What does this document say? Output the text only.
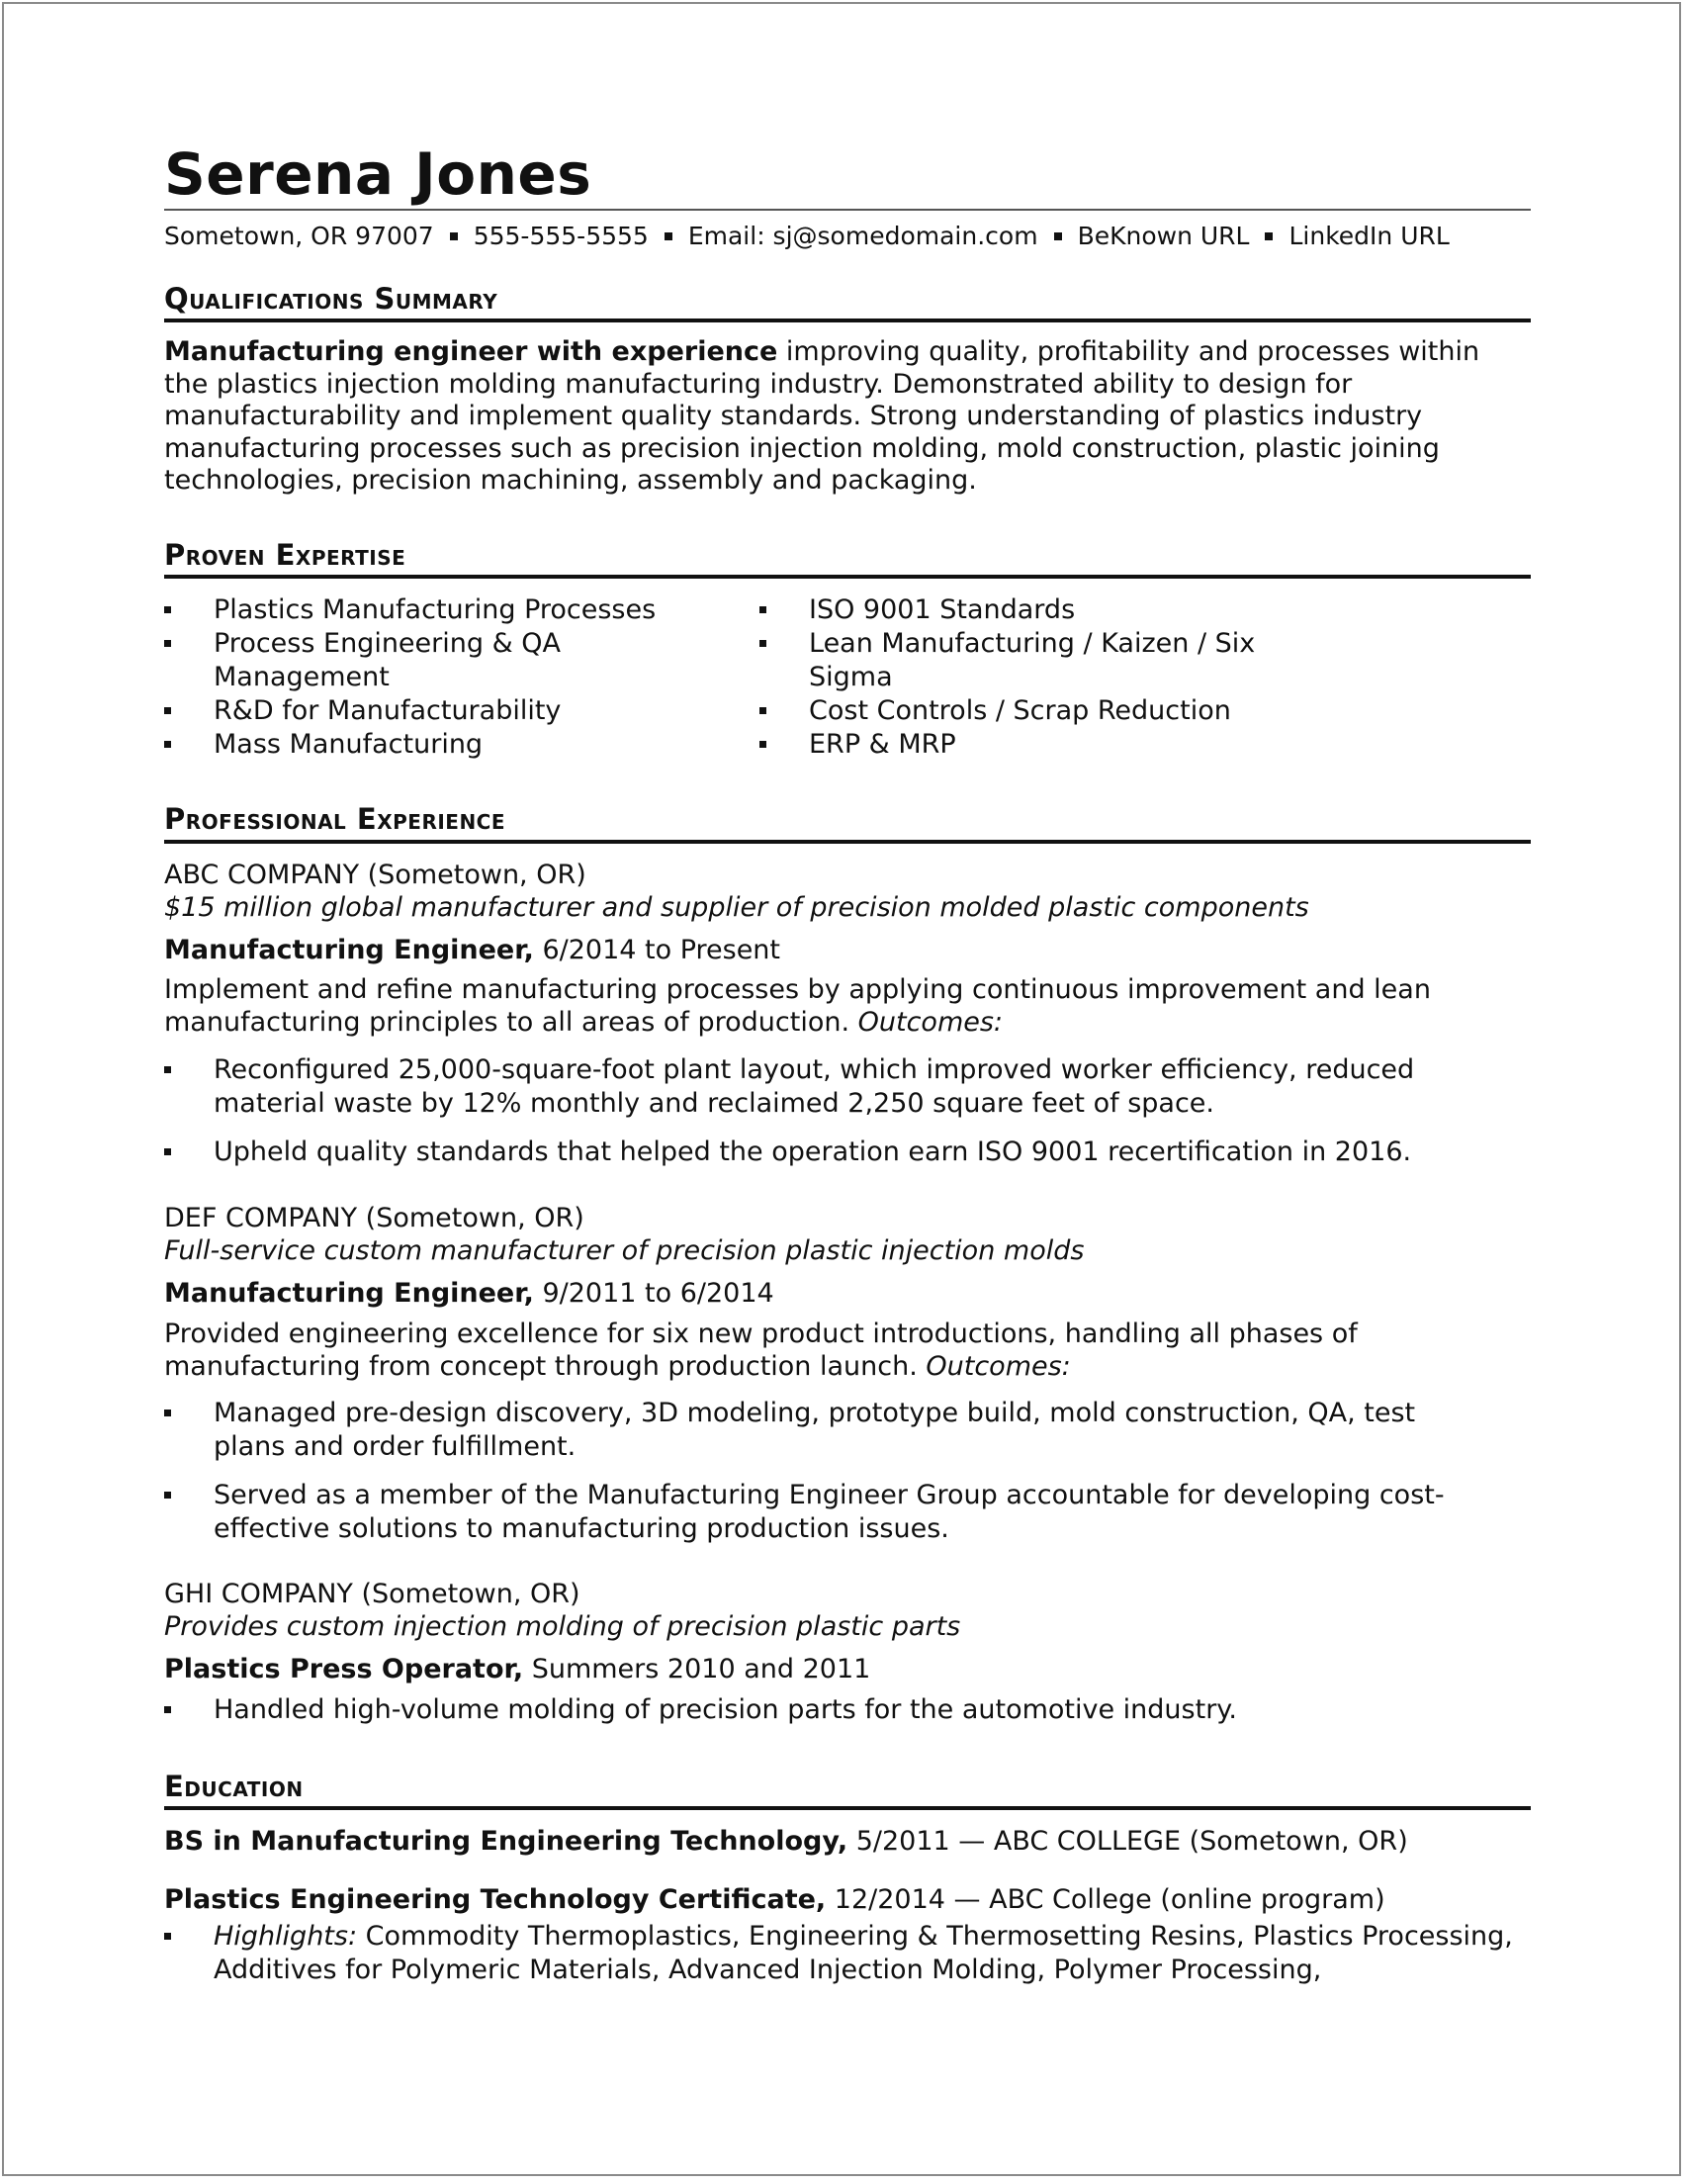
Serena Jones
Sometown, OR 97007 555-555-5555 Email: sj@somedomain.com BeKnown URL LinkedIn URL
Qualifications Summary
Manufacturing engineer with experience improving quality, profitability and processes within the plastics injection molding manufacturing industry. Demonstrated ability to design for manufacturability and implement quality standards. Strong understanding of plastics industry manufacturing processes such as precision injection molding, mold construction, plastic joining technologies, precision machining, assembly and packaging.
Proven Expertise
Plastics Manufacturing Processes
Process Engineering & QA Management
R&D for Manufacturability
Mass Manufacturing
ISO 9001 Standards
Lean Manufacturing / Kaizen / Six Sigma
Cost Controls / Scrap Reduction
ERP & MRP
Professional Experience
ABC COMPANY (Sometown, OR)
$15 million global manufacturer and supplier of precision molded plastic components
Manufacturing Engineer, 6/2014 to Present
Implement and refine manufacturing processes by applying continuous improvement and lean manufacturing principles to all areas of production. Outcomes:
Reconfigured 25,000-square-foot plant layout, which improved worker efficiency, reduced material waste by 12% monthly and reclaimed 2,250 square feet of space.
Upheld quality standards that helped the operation earn ISO 9001 recertification in 2016.
DEF COMPANY (Sometown, OR)
Full-service custom manufacturer of precision plastic injection molds
Manufacturing Engineer, 9/2011 to 6/2014
Provided engineering excellence for six new product introductions, handling all phases of manufacturing from concept through production launch. Outcomes:
Managed pre-design discovery, 3D modeling, prototype build, mold construction, QA, test plans and order fulfillment.
Served as a member of the Manufacturing Engineer Group accountable for developing cost-effective solutions to manufacturing production issues.
GHI COMPANY (Sometown, OR)
Provides custom injection molding of precision plastic parts
Plastics Press Operator, Summers 2010 and 2011
Handled high-volume molding of precision parts for the automotive industry.
Education
BS in Manufacturing Engineering Technology, 5/2011 — ABC COLLEGE (Sometown, OR)
Plastics Engineering Technology Certificate, 12/2014 — ABC College (online program)
Highlights: Commodity Thermoplastics, Engineering & Thermosetting Resins, Plastics Processing, Additives for Polymeric Materials, Advanced Injection Molding, Polymer Processing,
